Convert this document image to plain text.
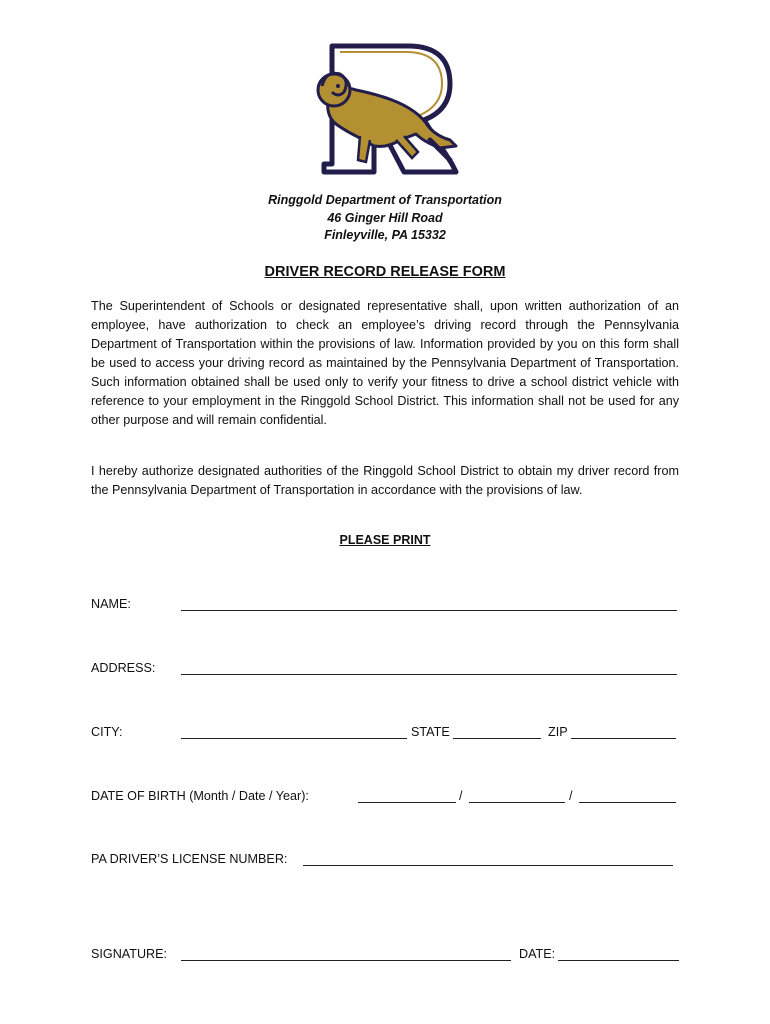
Ringgold Department of Transportation
46 Ginger Hill Road
Finleyville, PA 15332
DRIVER RECORD RELEASE FORM

The Superintendent of Schools or designated representative shall, upon written authorization of an employee, have authorization to check an employee’s driving record through the Pennsylvania Department of Transportation within the provisions of law. Information provided by you on this form shall be used to access your driving record as maintained by the Pennsylvania Department of Transportation. Such information obtained shall be used only to verify your fitness to drive a school district vehicle with reference to your employment in the Ringgold School District. This information shall not be used for any other purpose and will remain confidential.

I hereby authorize designated authorities of the Ringgold School District to obtain my driver record from the Pennsylvania Department of Transportation in accordance with the provisions of law.

PLEASE PRINT
NAME:
ADDRESS:
CITY:	STATE	ZIP
DATE OF BIRTH (Month / Date / Year):	/	/
PA DRIVER’S LICENSE NUMBER:
SIGNATURE:	DATE:
